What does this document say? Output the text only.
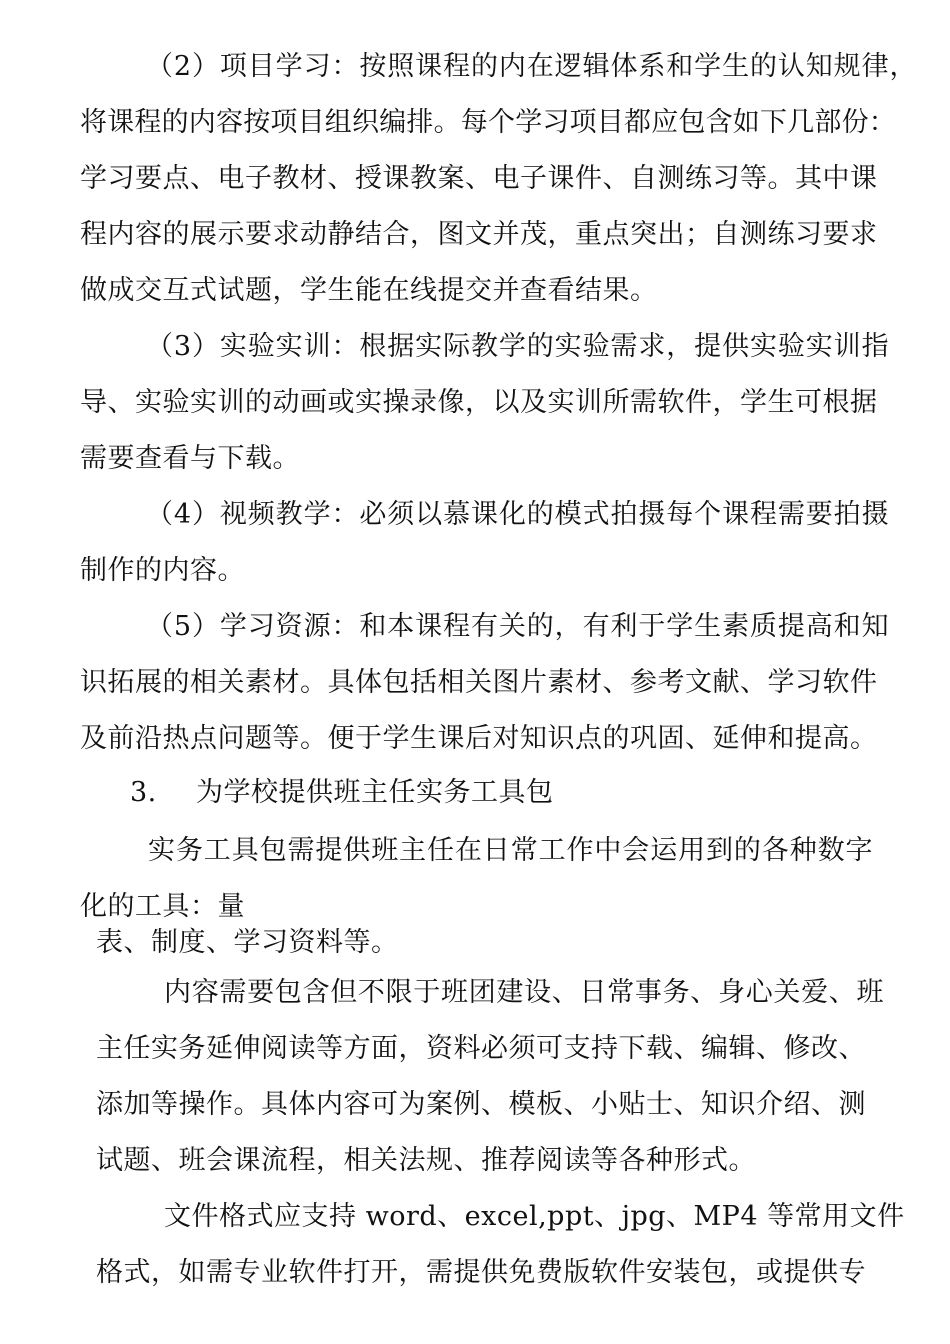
（2）项目学习：按照课程的内在逻辑体系和学生的认知规律，
将课程的内容按项目组织编排。每个学习项目都应包含如下几部份：
学习要点、电子教材、授课教案、电子课件、自测练习等。其中课
程内容的展示要求动静结合，图文并茂，重点突出；自测练习要求
做成交互式试题，学生能在线提交并查看结果。
（3）实验实训：根据实际教学的实验需求，提供实验实训指
导、实验实训的动画或实操录像，以及实训所需软件，学生可根据
需要查看与下载。
（4）视频教学：必须以慕课化的模式拍摄每个课程需要拍摄
制作的内容。
（5）学习资源：和本课程有关的，有利于学生素质提高和知
识拓展的相关素材。具体包括相关图片素材、参考文献、学习软件
及前沿热点问题等。便于学生课后对知识点的巩固、延伸和提高。
3. 为学校提供班主任实务工具包
实务工具包需提供班主任在日常工作中会运用到的各种数字
化的工具：量
表、制度、学习资料等。
内容需要包含但不限于班团建设、日常事务、身心关爱、班
主任实务延伸阅读等方面，资料必须可支持下载、编辑、修改、
添加等操作。具体内容可为案例、模板、小贴士、知识介绍、测
试题、班会课流程，相关法规、推荐阅读等各种形式。
文件格式应支持 word、excel,ppt、jpg、MP4 等常用文件
格式，如需专业软件打开，需提供免费版软件安装包，或提供专
